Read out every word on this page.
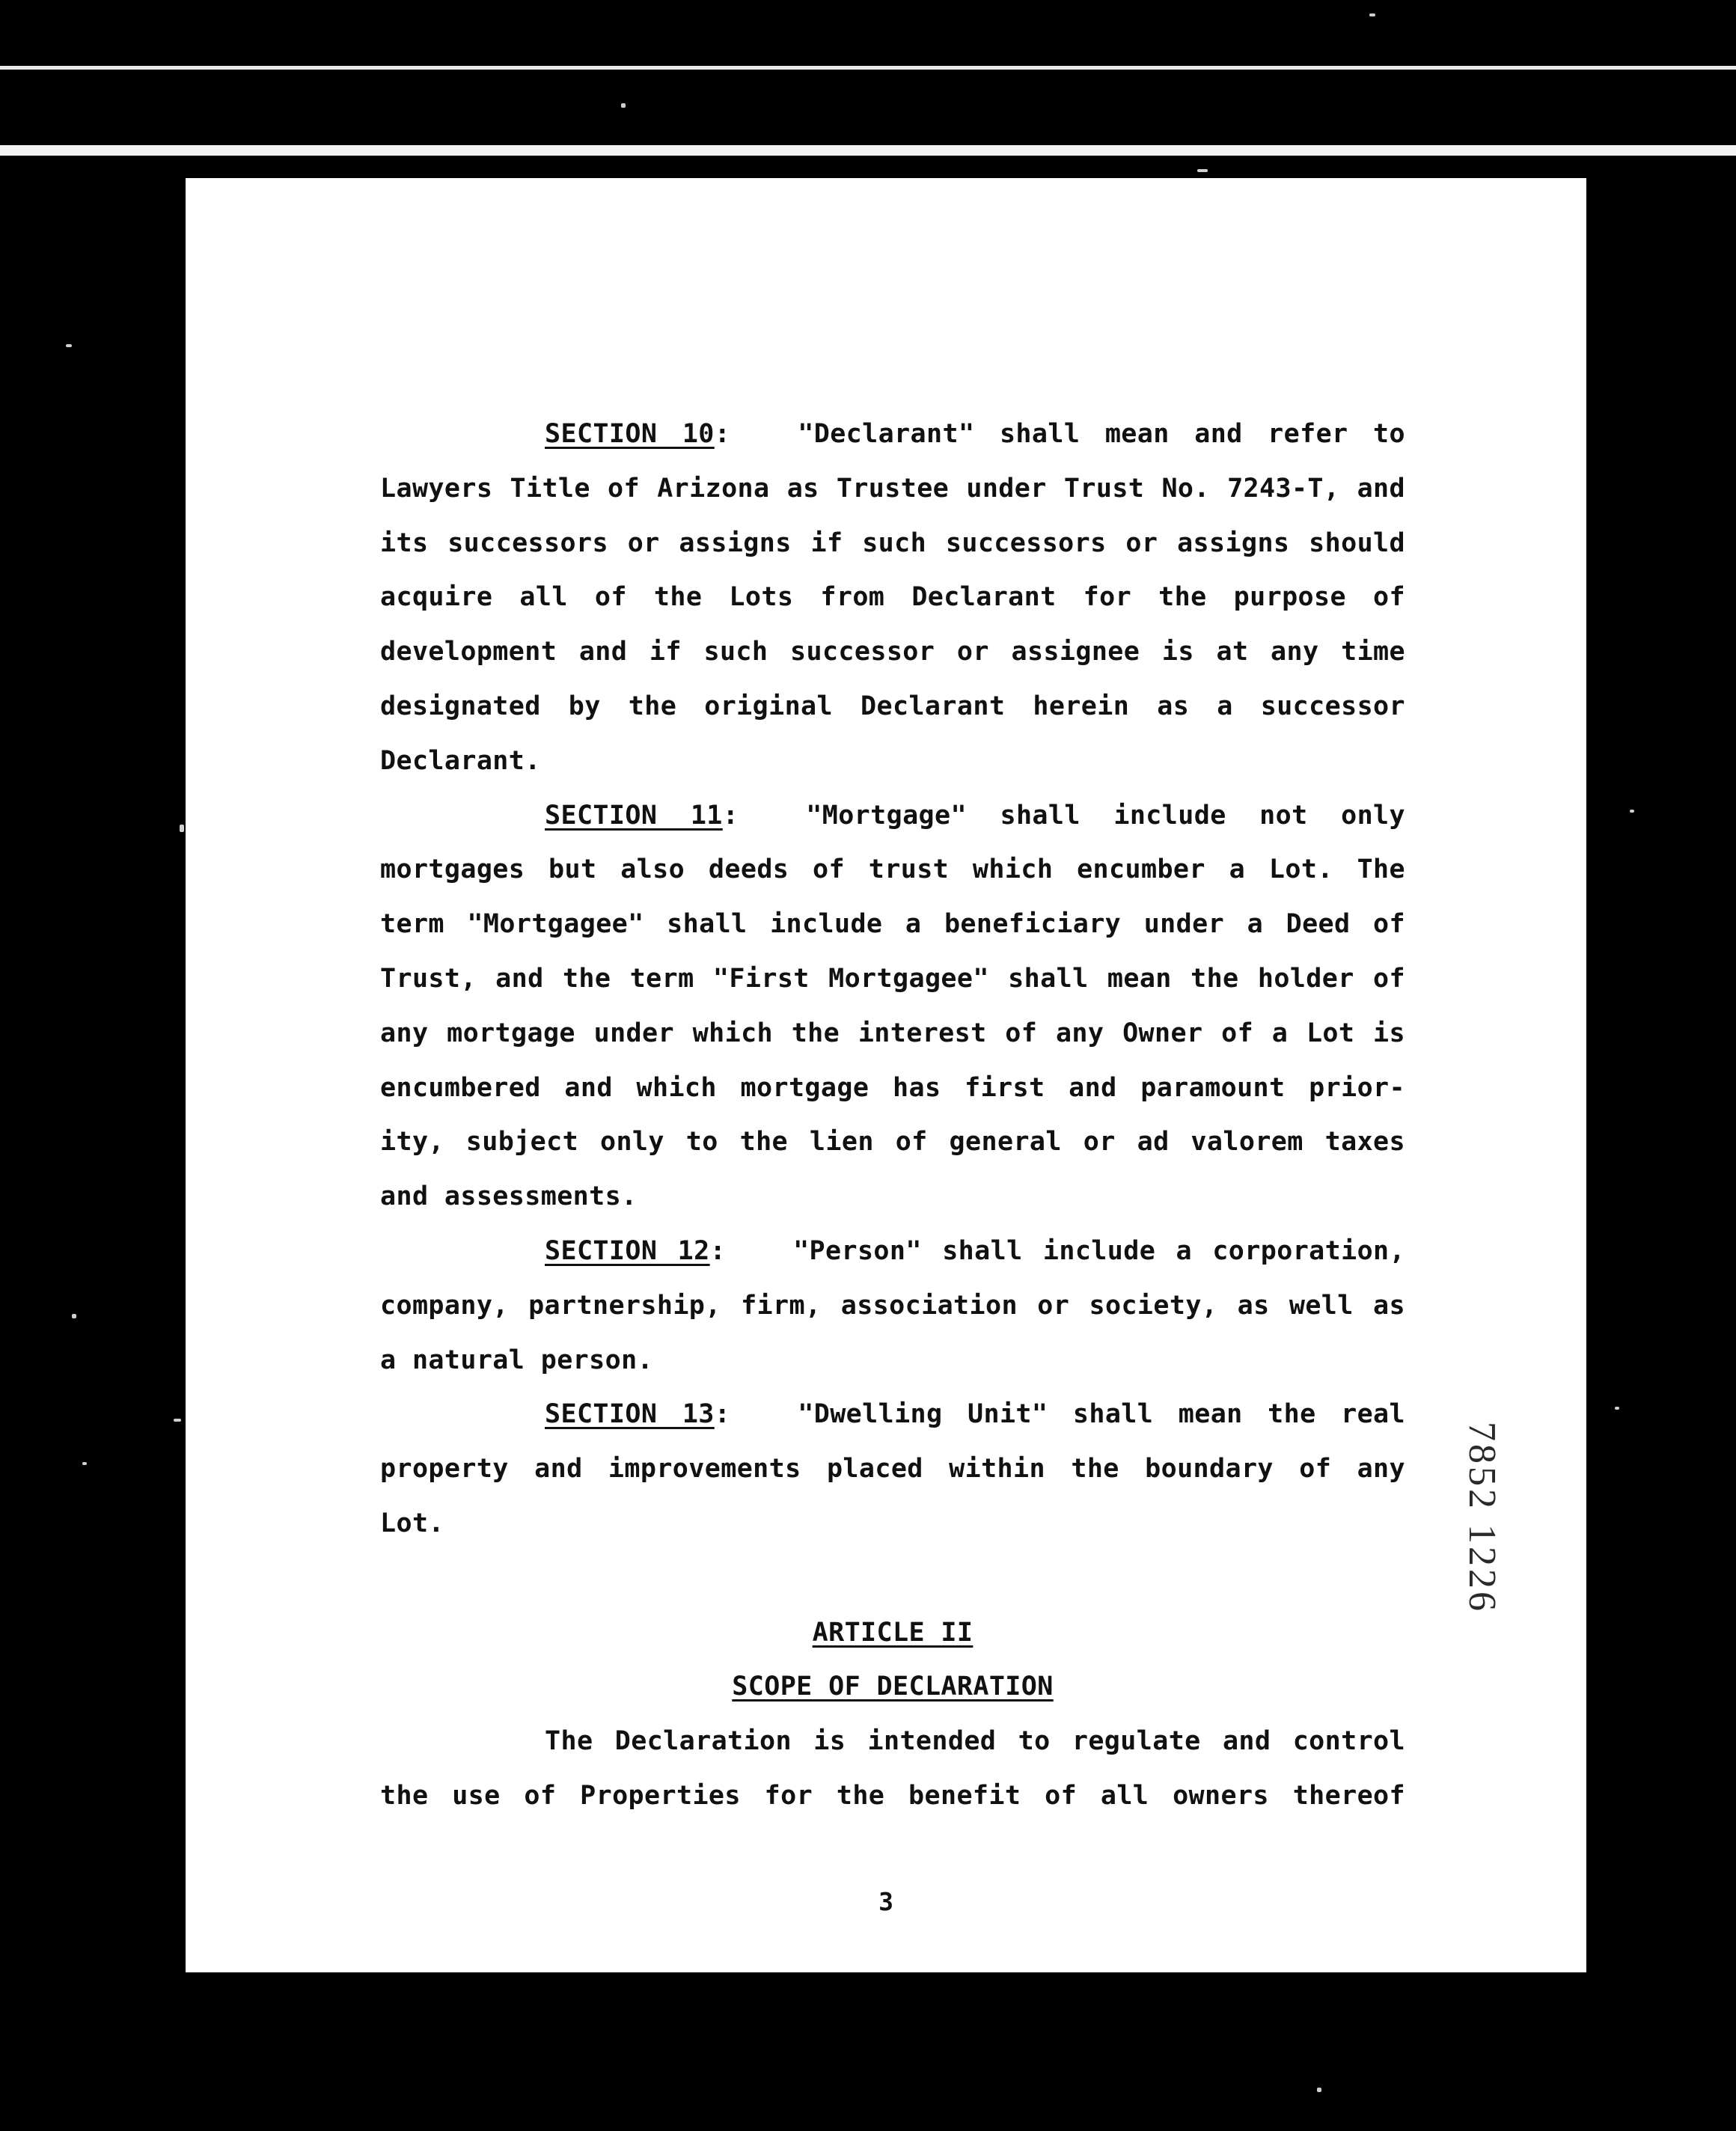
SECTION 10:	"Declarant" shall mean and refer to Lawyers Title of Arizona as Trustee under Trust No. 7243-T, and its successors or assigns if such successors or assigns should acquire all of the Lots from Declarant for the purpose of development and if such successor or assignee is at any time designated by the original Declarant herein as a successor Declarant.

SECTION 11:	"Mortgage" shall include not only mortgages but also deeds of trust which encumber a Lot. The term "Mortgagee" shall include a beneficiary under a Deed of Trust, and the term "First Mortgagee" shall mean the holder of any mortgage under which the interest of any Owner of a Lot is encumbered and which mortgage has first and paramount prior-ity, subject only to the lien of general or ad valorem taxes and assessments.

SECTION 12:	"Person" shall include a corporation, company, partnership, firm, association or society, as well as a natural person.

SECTION 13:	"Dwelling Unit" shall mean the real property and improvements placed within the boundary of any Lot.

ARTICLE II

SCOPE OF DECLARATION

The Declaration is intended to regulate and control the use of Properties for the benefit of all owners thereof

3
7852 1226
